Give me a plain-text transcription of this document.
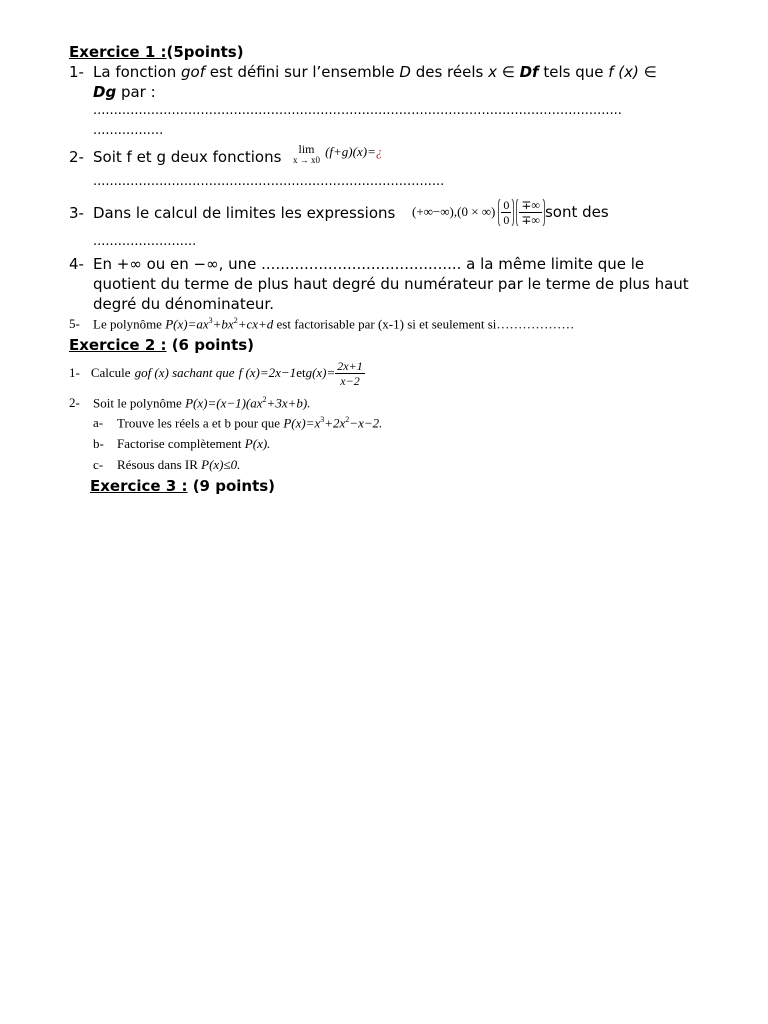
Exercice 1 :(5points)
1- La fonction gof est défini sur l’ensemble D des réels x ∈ Df tels que f (x) ∈
Dg par :
................................................................................................................................
.................
2- Soit f et g deux fonctions	lim
x → x0
$^{(f+g)(x)=¿}$
.....................................................................................
3- Dans le calcul de limites les expressions (+∞−∞) , (0 × ∞) $\frac{0}{0} \frac{\mp\infty}{\mp\infty}$ sont des
.........................
4- En +∞ ou en −∞, une .......................................... a la même limite que le
quotient du terme de plus haut degré du numérateur par le terme de plus haut
degré du dénominateur.
5- Le polynôme $P(x)=ax^3+bx^2+cx+d$ est factorisable par (x-1) si et seulement si………………
Exercice 2 : (6 points)
1- Calcule gof (x) sachant que f (x)=2x−1 et $g(x)= \frac{2x+1}{x-2}$
2- Soit le polynôme $P(x)=(x-1)(ax^2+3x+b)$.
a- Trouve les réels a et b pour que $P(x)=x^3+2x^2-x-2$.
b- Factorise complètement P(x).
c- Résous dans IR P(x)≤0.
Exercice 3 : (9 points)
